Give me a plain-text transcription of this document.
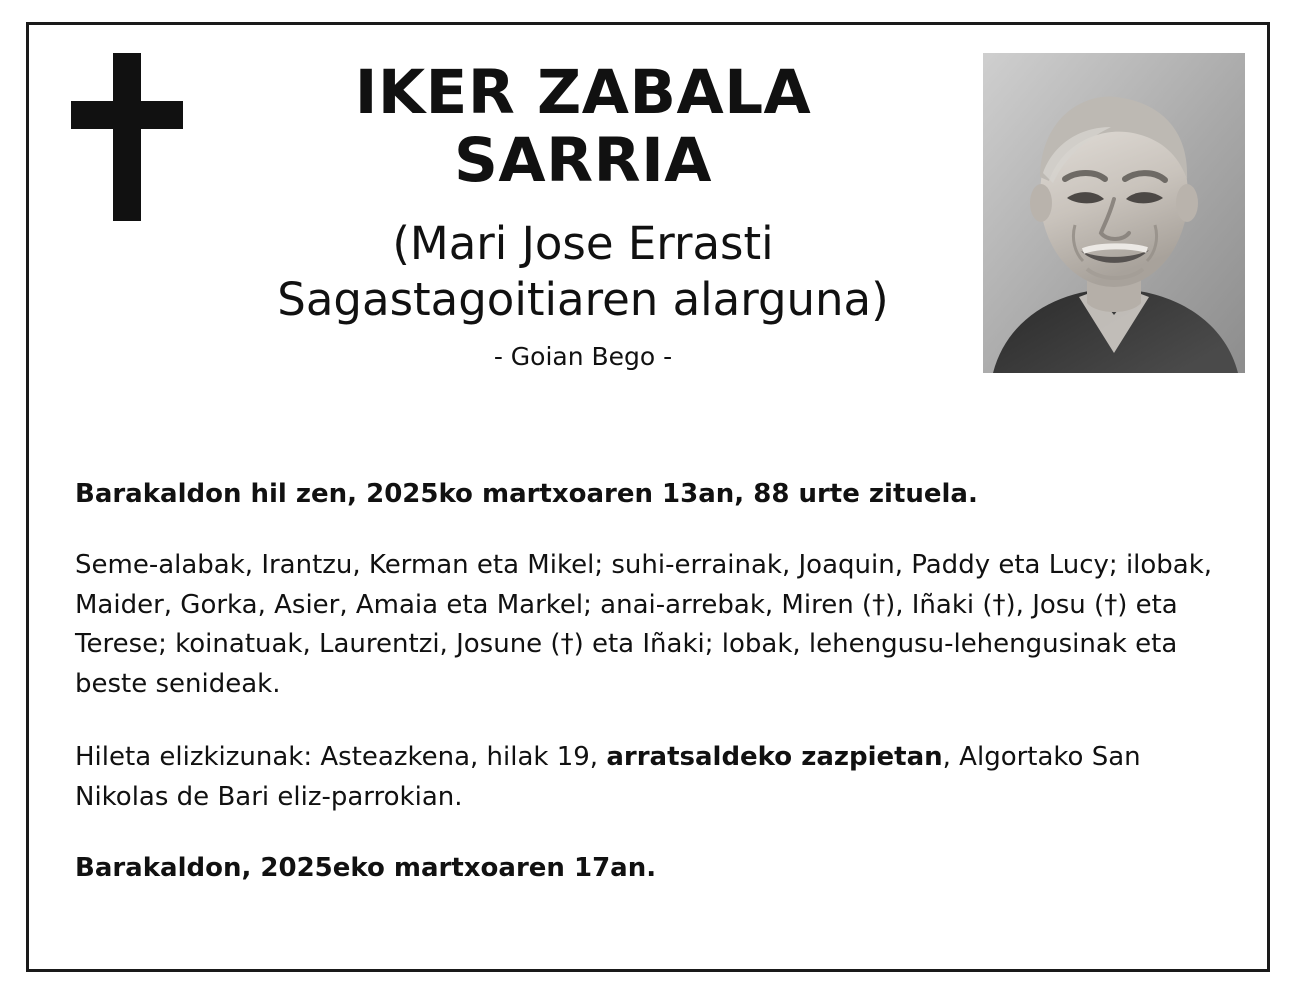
IKER ZABALA
SARRIA
(Mari Jose Errasti
Sagastagoitiaren alarguna)
- Goian Bego -

Barakaldon hil zen, 2025ko martxoaren 13an, 88 urte zituela.

Seme-alabak, Irantzu, Kerman eta Mikel; suhi-errainak, Joaquin, Paddy eta Lucy; ilobak, Maider, Gorka, Asier, Amaia eta Markel; anai-arrebak, Miren (†), Iñaki (†), Josu (†) eta Terese; koinatuak, Laurentzi, Josune (†) eta Iñaki; lobak, lehengusu-lehengusinak eta beste senideak.

Hileta elizkizunak: Asteazkena, hilak 19, arratsaldeko zazpietan, Algortako San Nikolas de Bari eliz-parrokian.

Barakaldon, 2025eko martxoaren 17an.
